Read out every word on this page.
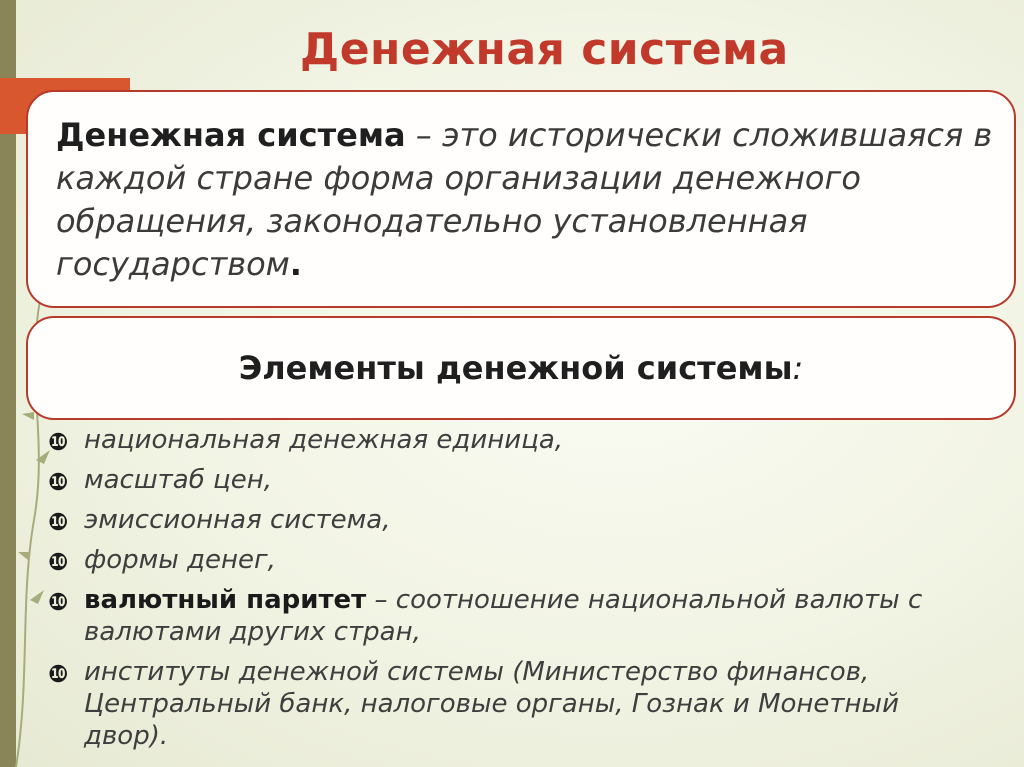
Денежная система
Денежная система – это исторически сложившаяся в каждой стране форма организации денежного обращения, законодательно установленная государством.
Элементы денежной системы:
❿ национальная денежная единица,
❿ масштаб цен,
❿ эмиссионная система,
❿ формы денег,
❿ валютный паритет – соотношение национальной валюты с валютами других стран,
❿ институты денежной системы (Министерство финансов, Центральный банк, налоговые органы, Гознак и Монетный двор).
